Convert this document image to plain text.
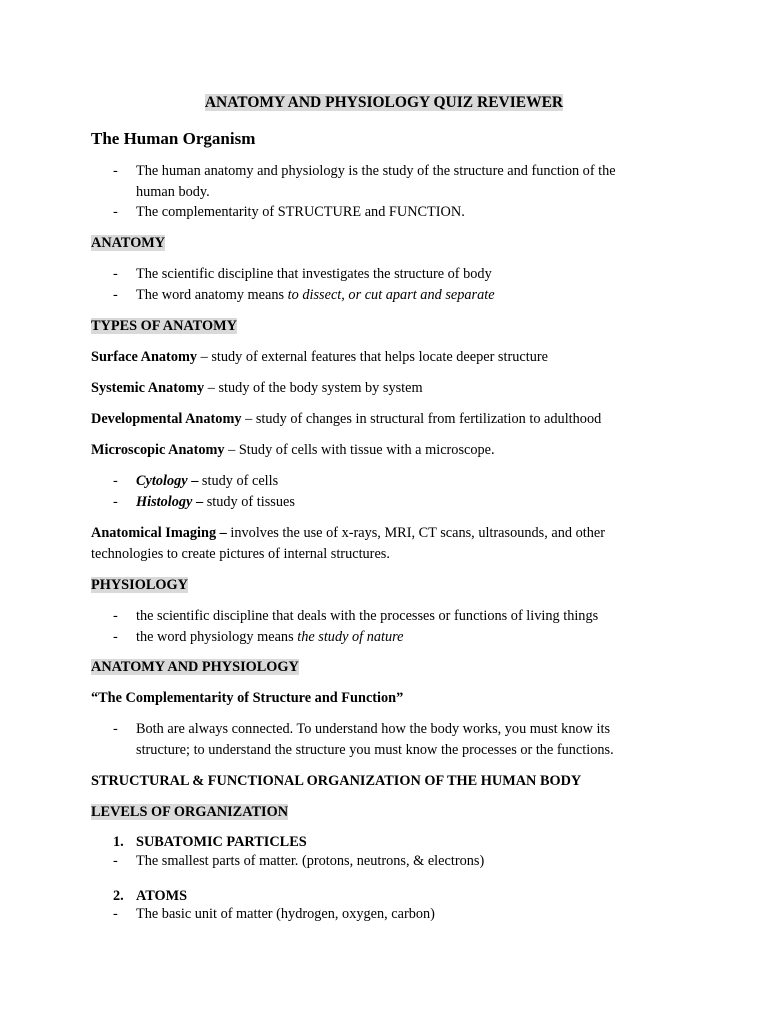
ANATOMY AND PHYSIOLOGY QUIZ REVIEWER
The Human Organism
- The human anatomy and physiology is the study of the structure and function of the
human body.
- The complementarity of STRUCTURE and FUNCTION.
ANATOMY
- The scientific discipline that investigates the structure of body
- The word anatomy means to dissect, or cut apart and separate
TYPES OF ANATOMY
Surface Anatomy – study of external features that helps locate deeper structure
Systemic Anatomy – study of the body system by system
Developmental Anatomy – study of changes in structural from fertilization to adulthood
Microscopic Anatomy – Study of cells with tissue with a microscope.
- Cytology – study of cells
- Histology – study of tissues
Anatomical Imaging – involves the use of x-rays, MRI, CT scans, ultrasounds, and other
technologies to create pictures of internal structures.
PHYSIOLOGY
- the scientific discipline that deals with the processes or functions of living things
- the word physiology means the study of nature
ANATOMY AND PHYSIOLOGY
“The Complementarity of Structure and Function”
- Both are always connected. To understand how the body works, you must know its
structure; to understand the structure you must know the processes or the functions.
STRUCTURAL & FUNCTIONAL ORGANIZATION OF THE HUMAN BODY
LEVELS OF ORGANIZATION
1. SUBATOMIC PARTICLES
- The smallest parts of matter. (protons, neutrons, & electrons)
2. ATOMS
- The basic unit of matter (hydrogen, oxygen, carbon)
